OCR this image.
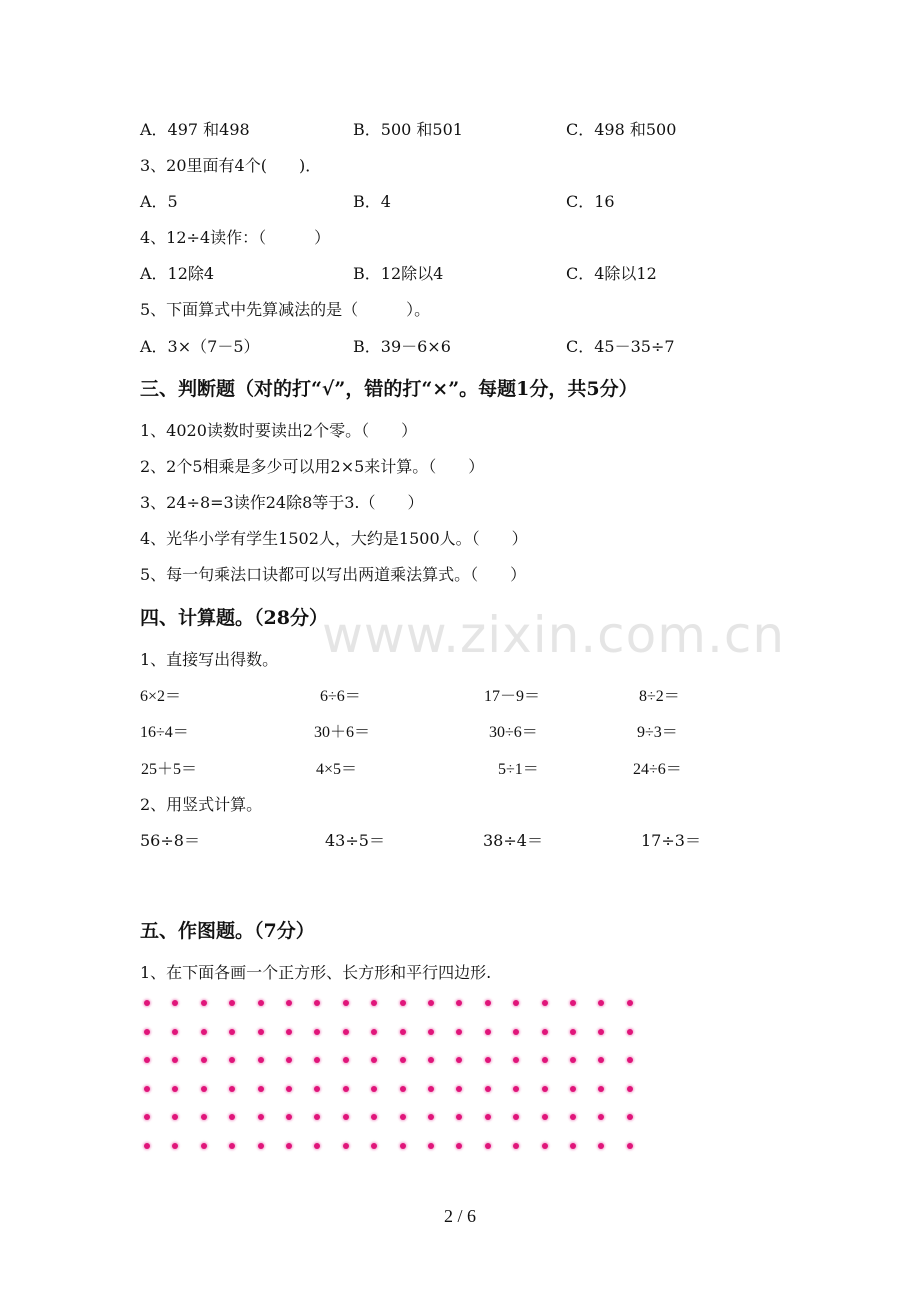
A．497 和498	B．500 和501	C．498 和500
3、20里面有4个(　　)．
A．5	B．4	C．16
4、12÷4读作：（　　　）
A．12除4	B．12除以4	C．4除以12
5、下面算式中先算减法的是（　　　）。
A．3×（7－5）	B．39－6×6	C．45－35÷7
三、判断题（对的打“√”，错的打“×”。每题1分，共5分）
1、4020读数时要读出2个零。（　　）
2、2个5相乘是多少可以用2×5来计算。（　　）
3、24÷8=3读作24除8等于3.（　　）
4、光华小学有学生1502人，大约是1500人。（　　）
5、每一句乘法口诀都可以写出两道乘法算式。（　　）
四、计算题。（28分）
1、直接写出得数。
6×2＝	6÷6＝	17－9＝	8÷2＝
16÷4＝	30＋6＝	30÷6＝	9÷3＝
25＋5＝	4×5＝	5÷1＝	24÷6＝
2、用竖式计算。
56÷8＝	43÷5＝	38÷4＝	17÷3＝
五、作图题。（7分）
1、在下面各画一个正方形、长方形和平行四边形.
www.zixin.com.cn
2 / 6
